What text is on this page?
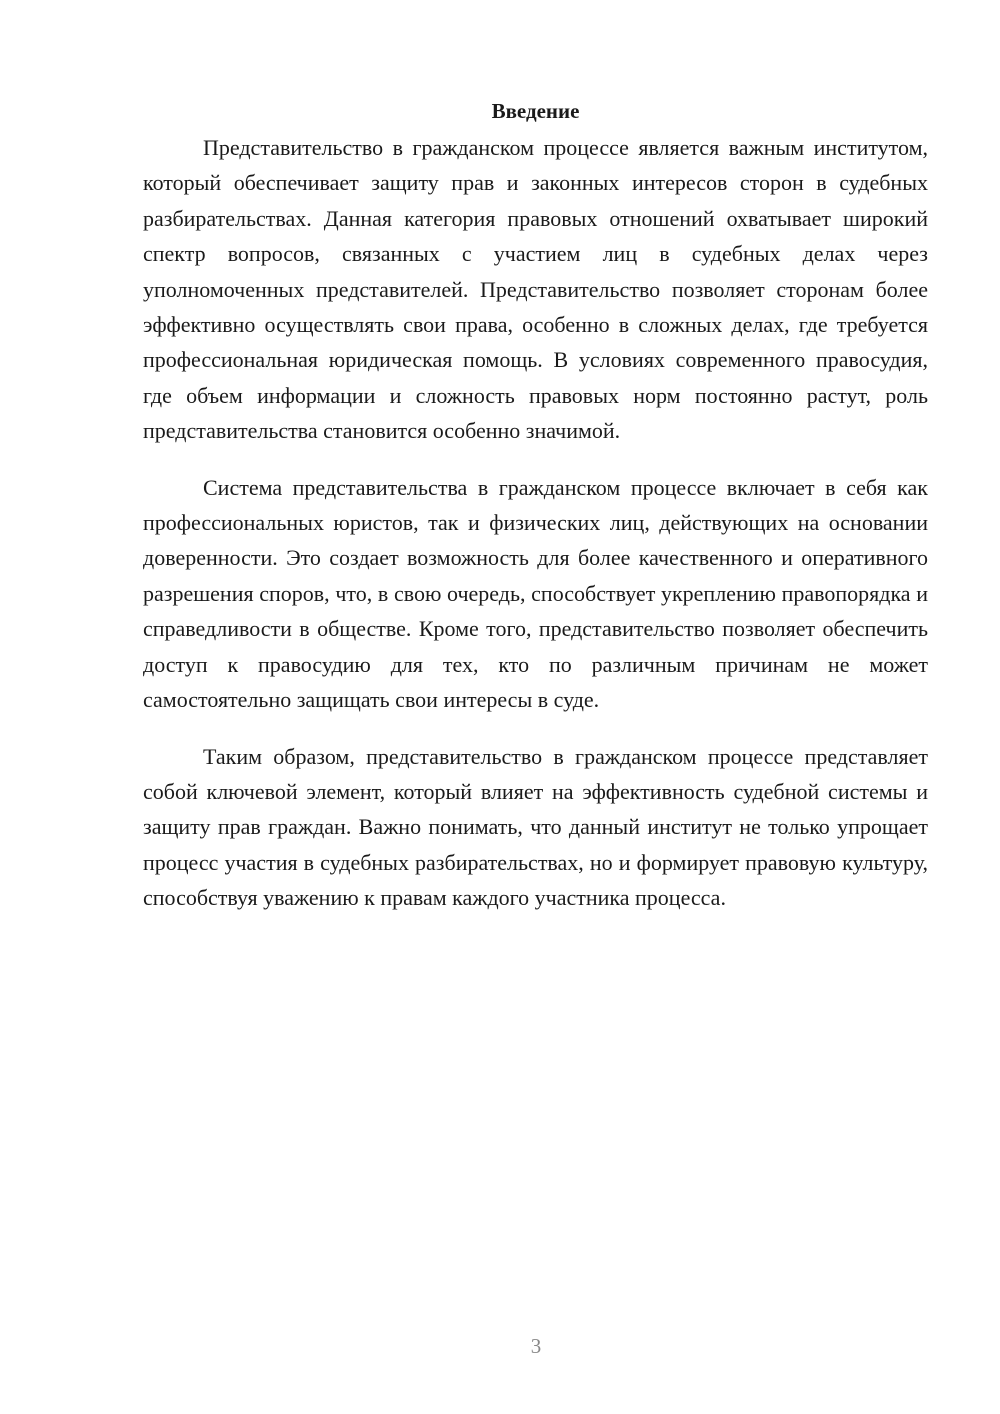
Введение

Представительство в гражданском процессе является важным институтом, который обеспечивает защиту прав и законных интересов сторон в судебных разбирательствах. Данная категория правовых отношений охватывает широкий спектр вопросов, связанных с участием лиц в судебных делах через уполномоченных представителей. Представительство позволяет сторонам более эффективно осуществлять свои права, особенно в сложных делах, где требуется профессиональная юридическая помощь. В условиях современного правосудия, где объем информации и сложность правовых норм постоянно растут, роль представительства становится особенно значимой.

Система представительства в гражданском процессе включает в себя как профессиональных юристов, так и физических лиц, действующих на основании доверенности. Это создает возможность для более качественного и оперативного разрешения споров, что, в свою очередь, способствует укреплению правопорядка и справедливости в обществе. Кроме того, представительство позволяет обеспечить доступ к правосудию для тех, кто по различным причинам не может самостоятельно защищать свои интересы в суде.

Таким образом, представительство в гражданском процессе представляет собой ключевой элемент, который влияет на эффективность судебной системы и защиту прав граждан. Важно понимать, что данный институт не только упрощает процесс участия в судебных разбирательствах, но и формирует правовую культуру, способствуя уважению к правам каждого участника процесса.

3
